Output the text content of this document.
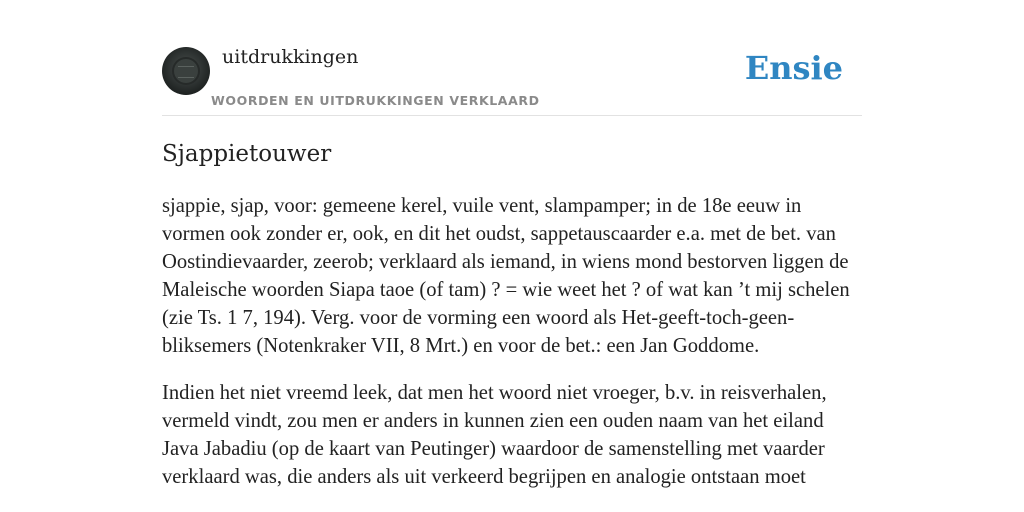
uitdrukkingen
WOORDEN EN UITDRUKKINGEN VERKLAARD
Ensie
Sjappietouwer

sjappie, sjap, voor: gemeene kerel, vuile vent, slampamper; in de 18e eeuw in vormen ook zonder er, ook, en dit het oudst, sappetauscaarder e.a. met de bet. van Oostindievaarder, zeerob; verklaard als iemand, in wiens mond bestorven liggen de Maleische woorden Siapa taoe (of tam) ? = wie weet het ? of wat kan ’t mij schelen (zie Ts. 1 7, 194). Verg. voor de vorming een woord als Het-geeft-toch-geen-bliksemers (Notenkraker VII, 8 Mrt.) en voor de bet.: een Jan Goddome.

Indien het niet vreemd leek, dat men het woord niet vroeger, b.v. in reisverhalen, vermeld vindt, zou men er anders in kunnen zien een ouden naam van het eiland Java Jabadiu (op de kaart van Peutinger) waardoor de samenstelling met vaarder verklaard was, die anders als uit verkeerd begrijpen en analogie ontstaan moet
